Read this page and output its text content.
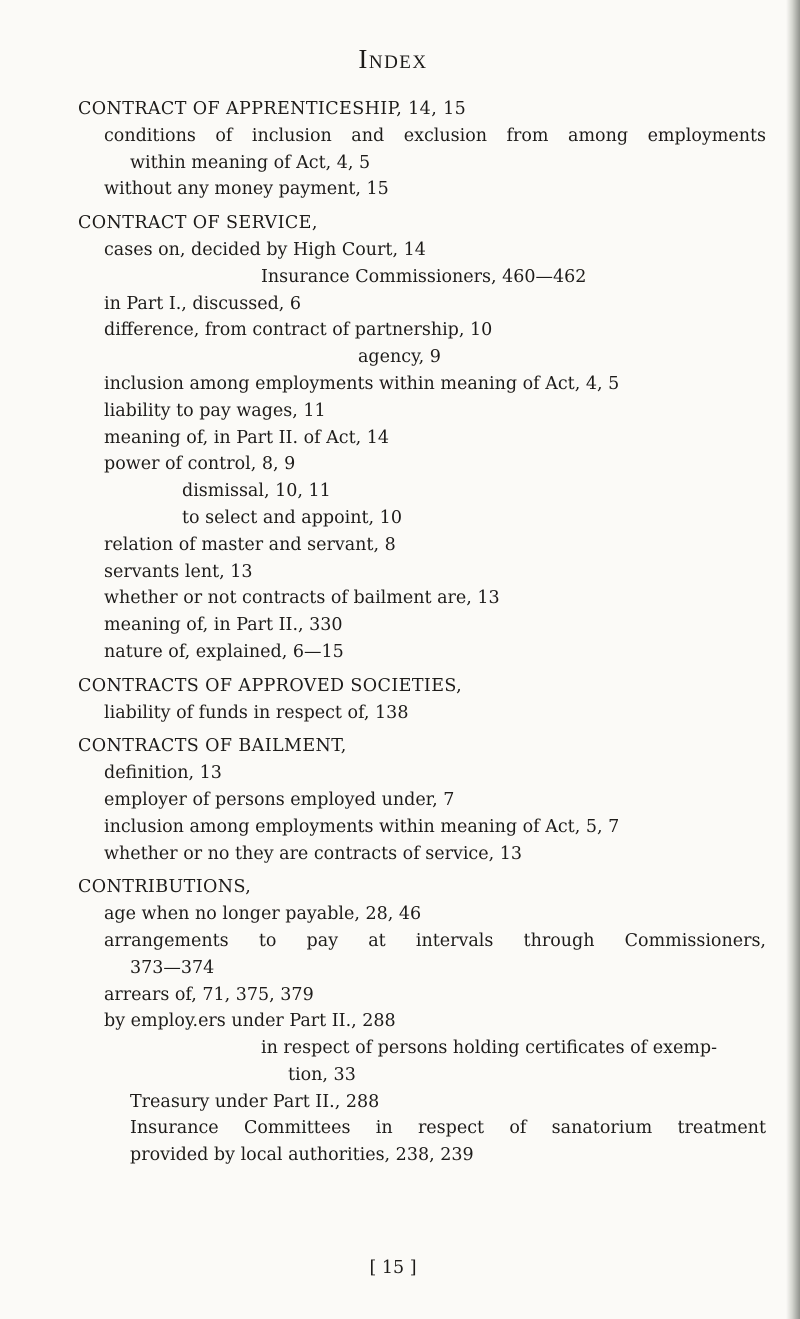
Index
CONTRACT OF APPRENTICESHIP, 14, 15
conditions of inclusion and exclusion from among employments
within meaning of Act, 4, 5
without any money payment, 15
CONTRACT OF SERVICE,
cases on, decided by High Court, 14
Insurance Commissioners, 460—462
in Part I., discussed, 6
difference, from contract of partnership, 10
agency, 9
inclusion among employments within meaning of Act, 4, 5
liability to pay wages, 11
meaning of, in Part II. of Act, 14
power of control, 8, 9
dismissal, 10, 11
to select and appoint, 10
relation of master and servant, 8
servants lent, 13
whether or not contracts of bailment are, 13
meaning of, in Part II., 330
nature of, explained, 6—15
CONTRACTS OF APPROVED SOCIETIES,
liability of funds in respect of, 138
CONTRACTS OF BAILMENT,
definition, 13
employer of persons employed under, 7
inclusion among employments within meaning of Act, 5, 7
whether or no they are contracts of service, 13
CONTRIBUTIONS,
age when no longer payable, 28, 46
arrangements to pay at intervals through Commissioners,
373—374
arrears of, 71, 375, 379
by employ.ers under Part II., 288
in respect of persons holding certificates of exemp-
tion, 33
Treasury under Part II., 288
Insurance Committees in respect of sanatorium treatment
provided by local authorities, 238, 239
[ 15 ]
